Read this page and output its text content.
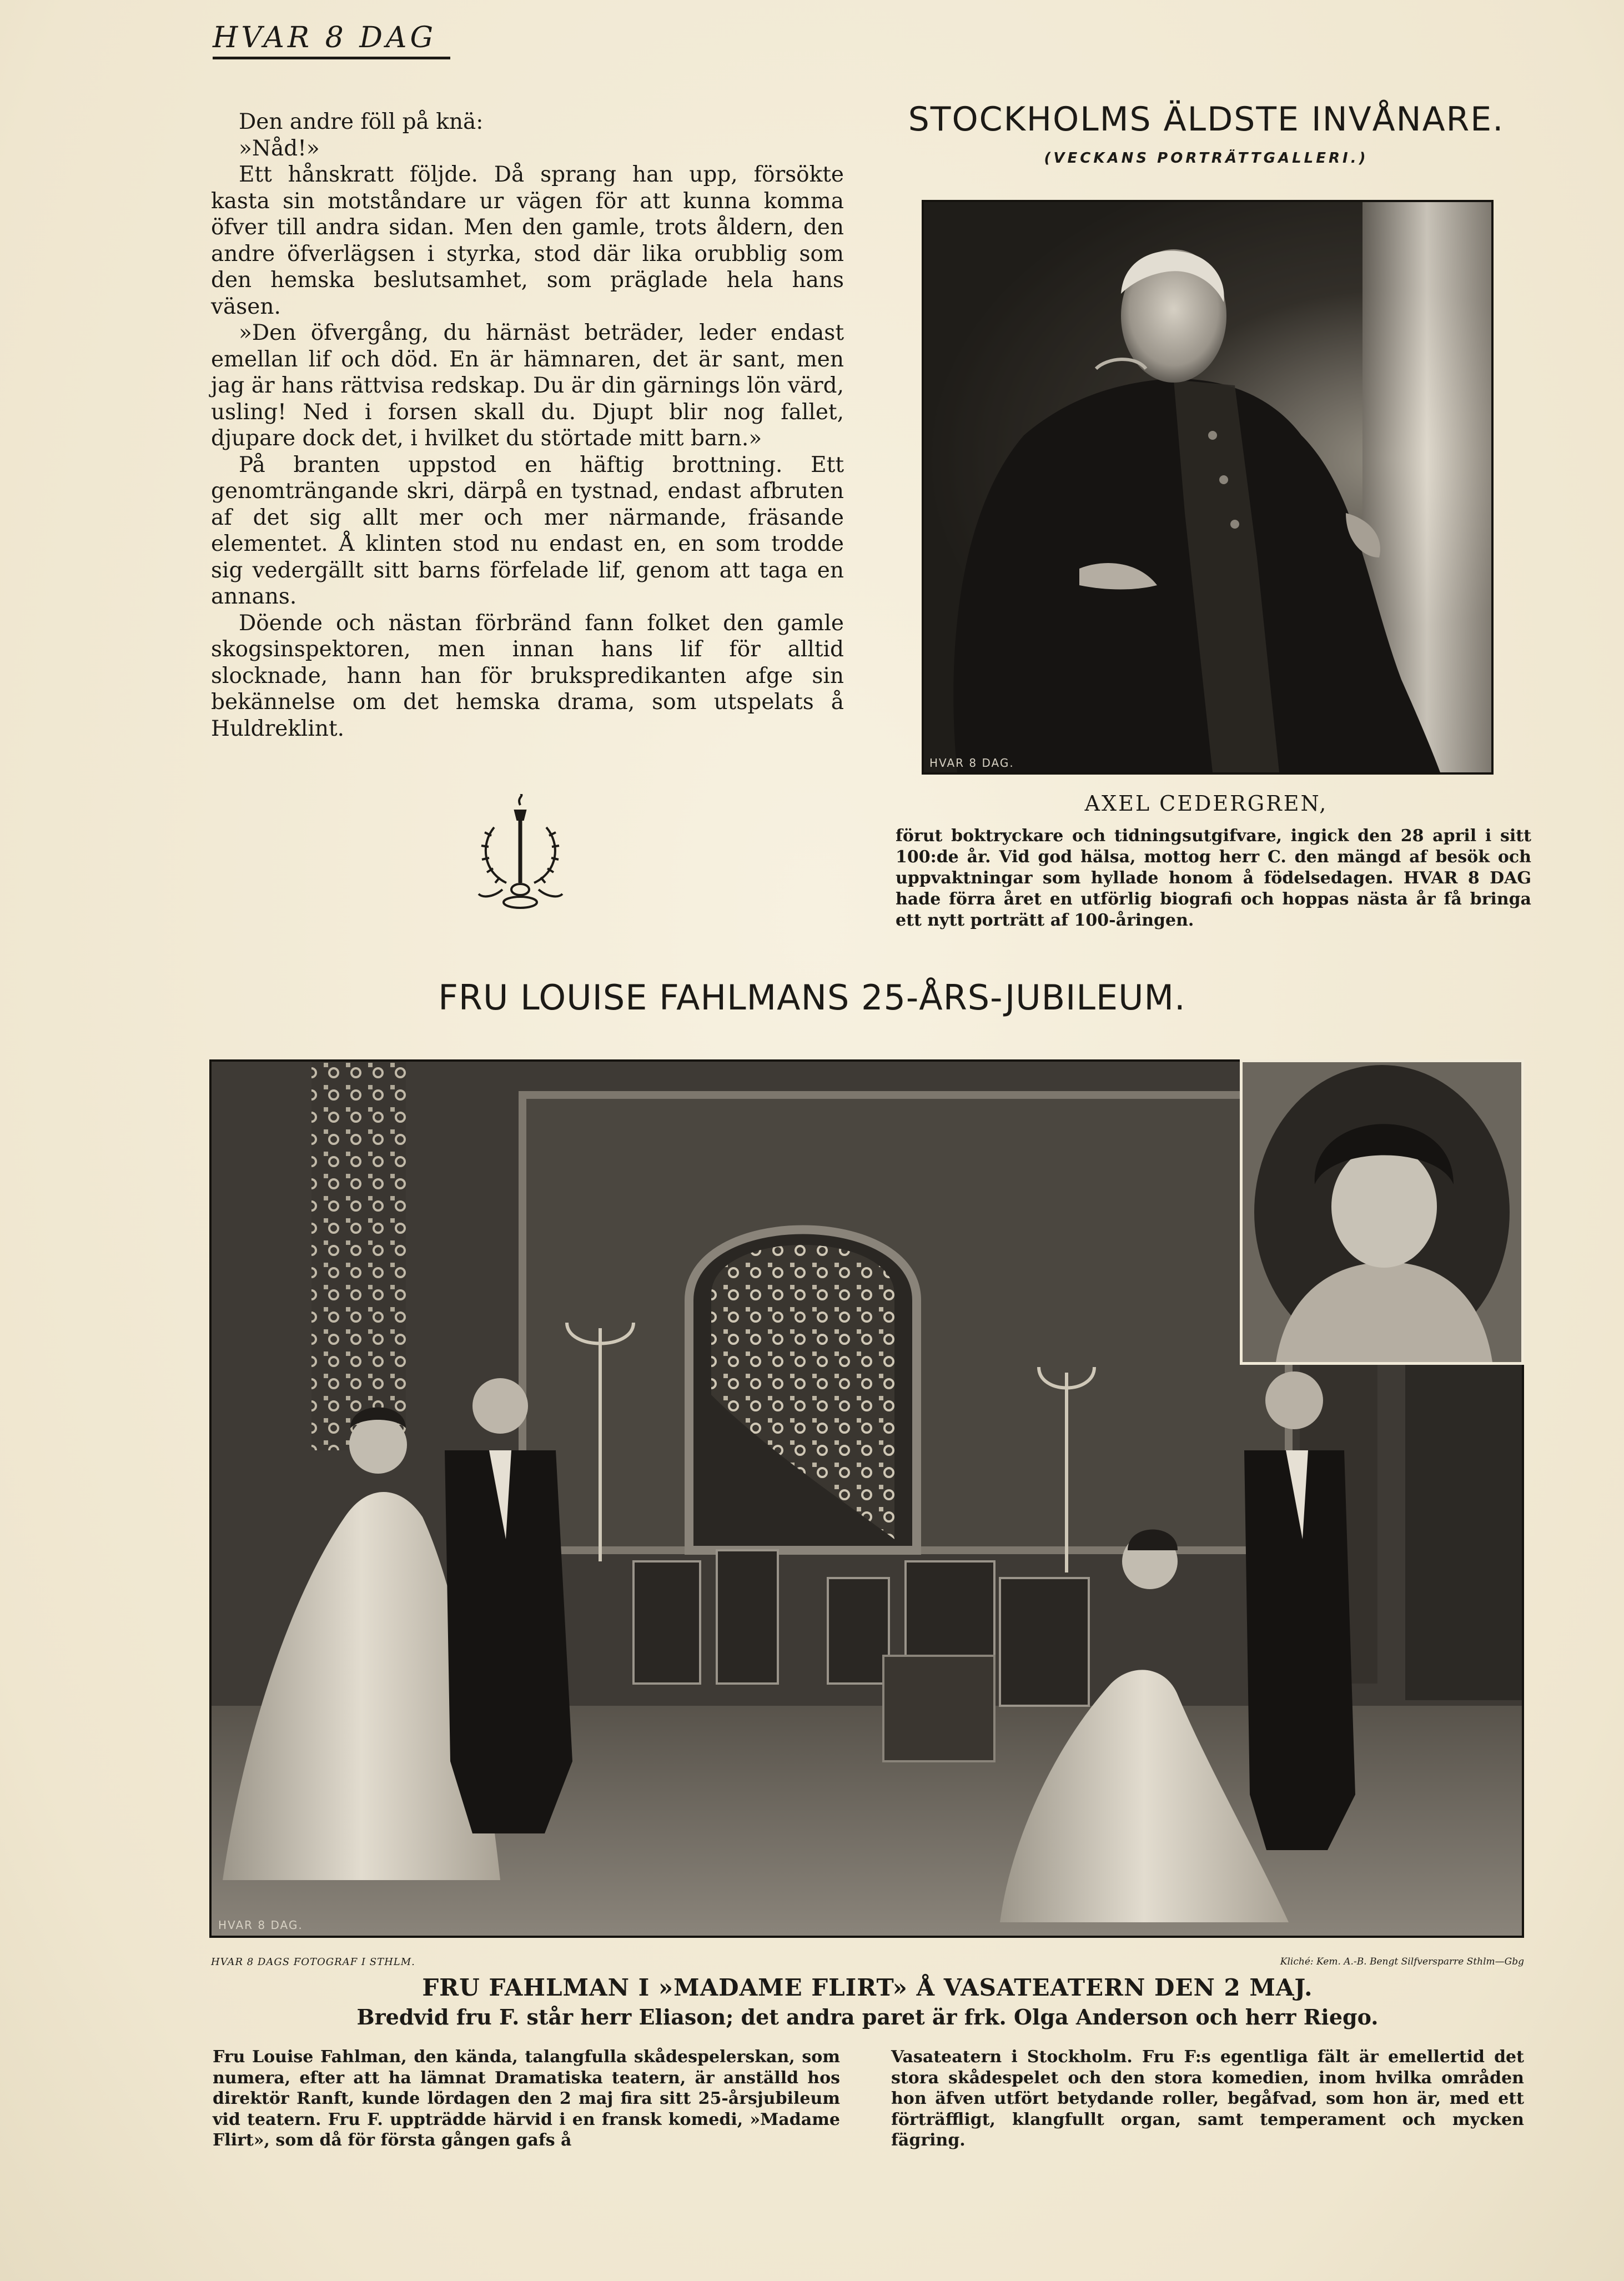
HVAR 8 DAG

Den andre föll på knä:

»Nåd!»

Ett hånskratt följde. Då sprang han upp, försökte kasta sin motståndare ur vägen för att kunna komma öfver till andra sidan. Men den gamle, trots åldern, den andre öfverlägsen i styrka, stod där lika orubblig som den hemska beslutsamhet, som präglade hela hans väsen.

»Den öfvergång, du härnäst beträder, leder endast emellan lif och död. En är hämnaren, det är sant, men jag är hans rättvisa redskap. Du är din gärnings lön värd, usling! Ned i forsen skall du. Djupt blir nog fallet, djupare dock det, i hvilket du störtade mitt barn.»

På branten uppstod en häftig brottning. Ett genomträngande skri, därpå en tystnad, endast afbruten af det sig allt mer och mer närmande, fräsande elementet. Å klinten stod nu endast en, en som trodde sig vedergällt sitt barns förfelade lif, genom att taga en annans.

Döende och nästan förbränd fann folket den gamle skogsinspektoren, men innan hans lif för alltid slocknade, hann han för brukspredikanten afge sin bekännelse om det hemska drama, som utspelats å Huldreklint.

STOCKHOLMS ÄLDSTE INVÅNARE.
(VECKANS PORTRÄTTGALLERI.)
HVAR 8 DAG.
AXEL CEDERGREN,
förut boktryckare och tidningsutgifvare, ingick den 28 april i sitt 100:de år. Vid god hälsa, mottog herr C. den mängd af besök och uppvaktningar som hyllade honom å födelsedagen. HVAR 8 DAG hade förra året en utförlig biografi och hoppas nästa år få bringa ett nytt porträtt af 100-åringen.
FRU LOUISE FAHLMANS 25-ÅRS-JUBILEUM.
HVAR 8 DAG.
HVAR 8 DAGS FOTOGRAF I STHLM.	Kliché: Kem. A.-B. Bengt Silfversparre Sthlm—Gbg
FRU FAHLMAN I »MADAME FLIRT» Å VASATEATERN DEN 2 MAJ.
Bredvid fru F. står herr Eliason; det andra paret är frk. Olga Anderson och herr Riego.
Fru Louise Fahlman, den kända, talangfulla skådespelerskan, som numera, efter att ha lämnat Dramatiska teatern, är anställd hos direktör Ranft, kunde lördagen den 2 maj fira sitt 25-årsjubileum vid teatern. Fru F. uppträdde härvid i en fransk komedi, »Madame Flirt», som då för första gången gafs å
Vasateatern i Stockholm. Fru F:s egentliga fält är emellertid det stora skådespelet och den stora komedien, inom hvilka områden hon äfven utfört betydande roller, begåfvad, som hon är, med ett förträffligt, klangfullt organ, samt temperament och mycken fägring.
